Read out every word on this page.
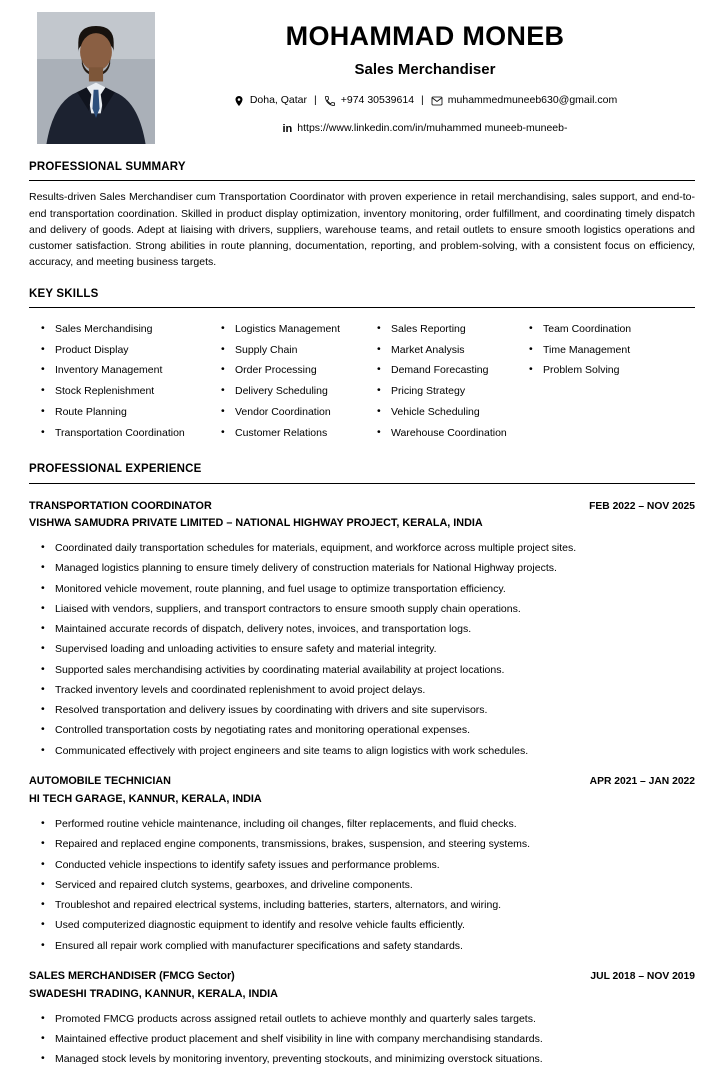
MOHAMMAD MONEB
Sales Merchandiser
Doha, Qatar | +974 30539614 | muhammedmuneeb630@gmail.com
in https://www.linkedin.com/in/muhammed muneeb-muneeb-
PROFESSIONAL SUMMARY

Results-driven Sales Merchandiser cum Transportation Coordinator with proven experience in retail merchandising, sales support, and end-to-end transportation coordination. Skilled in product display optimization, inventory monitoring, order fulfillment, and coordinating timely dispatch and delivery of goods. Adept at liaising with drivers, suppliers, warehouse teams, and retail outlets to ensure smooth logistics operations and customer satisfaction. Strong abilities in route planning, documentation, reporting, and problem-solving, with a consistent focus on efficiency, accuracy, and meeting business targets.

KEY SKILLS
• Sales Merchandising
• Product Display
• Inventory Management
• Stock Replenishment
• Route Planning
• Transportation Coordination
• Logistics Management
• Supply Chain
• Order Processing
• Delivery Scheduling
• Vendor Coordination
• Customer Relations
• Sales Reporting
• Market Analysis
• Demand Forecasting
• Pricing Strategy
• Vehicle Scheduling
• Warehouse Coordination
• Team Coordination
• Time Management
• Problem Solving
PROFESSIONAL EXPERIENCE
TRANSPORTATION COORDINATOR	FEB 2022 – NOV 2025
VISHWA SAMUDRA PRIVATE LIMITED – NATIONAL HIGHWAY PROJECT, KERALA, INDIA
• Coordinated daily transportation schedules for materials, equipment, and workforce across multiple project sites.
• Managed logistics planning to ensure timely delivery of construction materials for National Highway projects.
• Monitored vehicle movement, route planning, and fuel usage to optimize transportation efficiency.
• Liaised with vendors, suppliers, and transport contractors to ensure smooth supply chain operations.
• Maintained accurate records of dispatch, delivery notes, invoices, and transportation logs.
• Supervised loading and unloading activities to ensure safety and material integrity.
• Supported sales merchandising activities by coordinating material availability at project locations.
• Tracked inventory levels and coordinated replenishment to avoid project delays.
• Resolved transportation and delivery issues by coordinating with drivers and site supervisors.
• Controlled transportation costs by negotiating rates and monitoring operational expenses.
• Communicated effectively with project engineers and site teams to align logistics with work schedules.
AUTOMOBILE TECHNICIAN	APR 2021 – JAN 2022
HI TECH GARAGE, KANNUR, KERALA, INDIA
• Performed routine vehicle maintenance, including oil changes, filter replacements, and fluid checks.
• Repaired and replaced engine components, transmissions, brakes, suspension, and steering systems.
• Conducted vehicle inspections to identify safety issues and performance problems.
• Serviced and repaired clutch systems, gearboxes, and driveline components.
• Troubleshot and repaired electrical systems, including batteries, starters, alternators, and wiring.
• Used computerized diagnostic equipment to identify and resolve vehicle faults efficiently.
• Ensured all repair work complied with manufacturer specifications and safety standards.
SALES MERCHANDISER (FMCG Sector)	JUL 2018 – NOV 2019
SWADESHI TRADING, KANNUR, KERALA, INDIA
• Promoted FMCG products across assigned retail outlets to achieve monthly and quarterly sales targets.
• Maintained effective product placement and shelf visibility in line with company merchandising standards.
• Managed stock levels by monitoring inventory, preventing stockouts, and minimizing overstock situations.
